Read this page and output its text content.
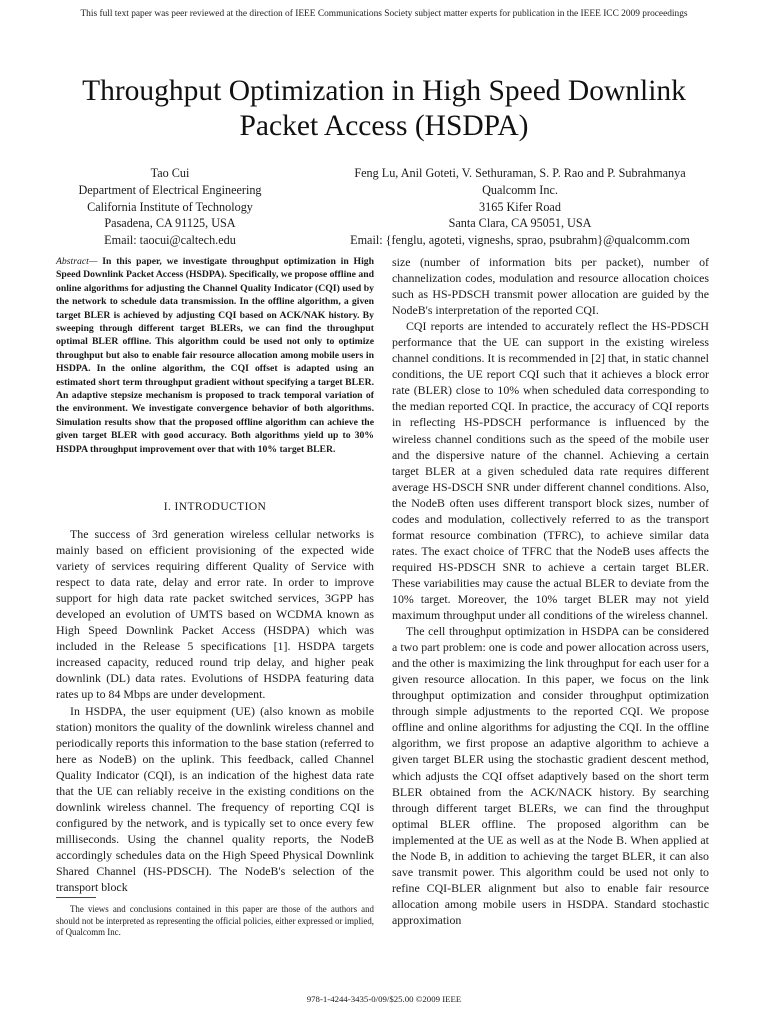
This full text paper was peer reviewed at the direction of IEEE Communications Society subject matter experts for publication in the IEEE ICC 2009 proceedings
Throughput Optimization in High Speed Downlink
Packet Access (HSDPA)
Tao Cui
Department of Electrical Engineering
California Institute of Technology
Pasadena, CA 91125, USA
Email: taocui@caltech.edu
Feng Lu, Anil Goteti, V. Sethuraman, S. P. Rao and P. Subrahmanya
Qualcomm Inc.
3165 Kifer Road
Santa Clara, CA 95051, USA
Email: {fenglu, agoteti, vigneshs, sprao, psubrahm}@qualcomm.com

Abstract— In this paper, we investigate throughput optimization in High Speed Downlink Packet Access (HSDPA). Specifically, we propose offline and online algorithms for adjusting the Channel Quality Indicator (CQI) used by the network to schedule data transmission. In the offline algorithm, a given target BLER is achieved by adjusting CQI based on ACK/NAK history. By sweeping through different target BLERs, we can find the throughput optimal BLER offline. This algorithm could be used not only to optimize throughput but also to enable fair resource allocation among mobile users in HSDPA. In the online algorithm, the CQI offset is adapted using an estimated short term throughput gradient without specifying a target BLER. An adaptive stepsize mechanism is proposed to track temporal variation of the environment. We investigate convergence behavior of both algorithms. Simulation results show that the proposed offline algorithm can achieve the given target BLER with good accuracy. Both algorithms yield up to 30% HSDPA throughput improvement over that with 10% target BLER.

I. INTRODUCTION

The success of 3rd generation wireless cellular networks is mainly based on efficient provisioning of the expected wide variety of services requiring different Quality of Service with respect to data rate, delay and error rate. In order to improve support for high data rate packet switched services, 3GPP has developed an evolution of UMTS based on WCDMA known as High Speed Downlink Packet Access (HSDPA) which was included in the Release 5 specifications [1]. HSDPA targets increased capacity, reduced round trip delay, and higher peak downlink (DL) data rates. Evolutions of HSDPA featuring data rates up to 84 Mbps are under development.

In HSDPA, the user equipment (UE) (also known as mobile station) monitors the quality of the downlink wireless channel and periodically reports this information to the base station (referred to here as NodeB) on the uplink. This feedback, called Channel Quality Indicator (CQI), is an indication of the highest data rate that the UE can reliably receive in the existing conditions on the downlink wireless channel. The frequency of reporting CQI is configured by the network, and is typically set to once every few milliseconds. Using the channel quality reports, the NodeB accordingly schedules data on the High Speed Physical Downlink Shared Channel (HS-PDSCH). The NodeB's selection of the transport block

The views and conclusions contained in this paper are those of the authors and should not be interpreted as representing the official policies, either expressed or implied, of Qualcomm Inc.

size (number of information bits per packet), number of channelization codes, modulation and resource allocation choices such as HS-PDSCH transmit power allocation are guided by the NodeB's interpretation of the reported CQI.

CQI reports are intended to accurately reflect the HS-PDSCH performance that the UE can support in the existing wireless channel conditions. It is recommended in [2] that, in static channel conditions, the UE report CQI such that it achieves a block error rate (BLER) close to 10% when scheduled data corresponding to the median reported CQI. In practice, the accuracy of CQI reports in reflecting HS-PDSCH performance is influenced by the wireless channel conditions such as the speed of the mobile user and the dispersive nature of the channel. Achieving a certain target BLER at a given scheduled data rate requires different average HS-DSCH SNR under different channel conditions. Also, the NodeB often uses different transport block sizes, number of codes and modulation, collectively referred to as the transport format resource combination (TFRC), to achieve similar data rates. The exact choice of TFRC that the NodeB uses affects the required HS-PDSCH SNR to achieve a certain target BLER. These variabilities may cause the actual BLER to deviate from the 10% target. Moreover, the 10% target BLER may not yield maximum throughput under all conditions of the wireless channel.

The cell throughput optimization in HSDPA can be considered a two part problem: one is code and power allocation across users, and the other is maximizing the link throughput for each user for a given resource allocation. In this paper, we focus on the link throughput optimization and consider throughput optimization through simple adjustments to the reported CQI. We propose offline and online algorithms for adjusting the CQI. In the offline algorithm, we first propose an adaptive algorithm to achieve a given target BLER using the stochastic gradient descent method, which adjusts the CQI offset adaptively based on the short term BLER obtained from the ACK/NACK history. By searching through different target BLERs, we can find the throughput optimal BLER offline. The proposed algorithm can be implemented at the UE as well as at the Node B. When applied at the Node B, in addition to achieving the target BLER, it can also save transmit power. This algorithm could be used not only to refine CQI-BLER alignment but also to enable fair resource allocation among mobile users in HSDPA. Standard stochastic approximation

978-1-4244-3435-0/09/$25.00 ©2009 IEEE
